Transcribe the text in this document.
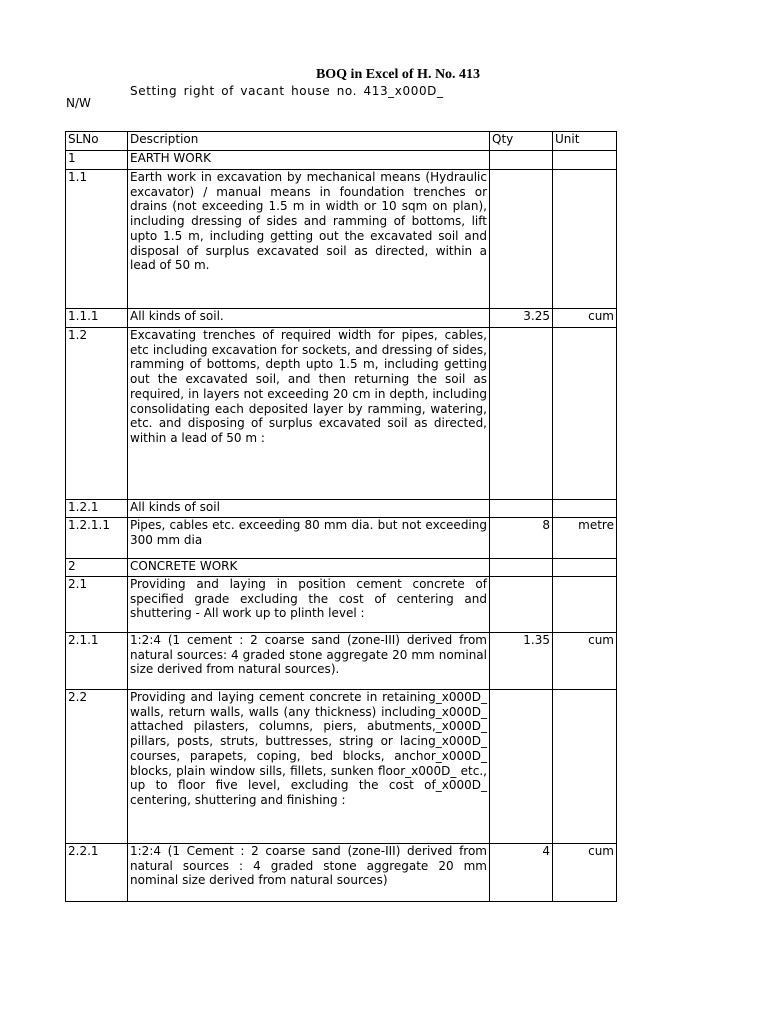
BOQ in Excel of H. No. 413
Setting right of vacant house no. 413_x000D_
N/W
SLNo	Description	Qty	Unit
1	EARTH WORK		
1.1	Earth work in excavation by mechanical means (Hydraulic excavator) / manual means in foundation trenches or drains (not exceeding 1.5 m in width or 10 sqm on plan), including dressing of sides and ramming of bottoms, lift upto 1.5 m, including getting out the excavated soil and disposal of surplus excavated soil as directed, within a lead of 50 m.		
1.1.1	All kinds of soil.	3.25	cum
1.2	Excavating trenches of required width for pipes, cables, etc including excavation for sockets, and dressing of sides, ramming of bottoms, depth upto 1.5 m, including getting out the excavated soil, and then returning the soil as required, in layers not exceeding 20 cm in depth, including consolidating each deposited layer by ramming, watering, etc. and disposing of surplus excavated soil as directed, within a lead of 50 m :		
1.2.1	All kinds of soil		
1.2.1.1	Pipes, cables etc. exceeding 80 mm dia. but not exceeding 300 mm dia	8	metre
2	CONCRETE WORK		
2.1	Providing and laying in position cement concrete of specified grade excluding the cost of centering and shuttering - All work up to plinth level :		
2.1.1	1:2:4 (1 cement : 2 coarse sand (zone-III) derived from natural sources: 4 graded stone aggregate 20 mm nominal size derived from natural sources).	1.35	cum
2.2	Providing and laying cement concrete in retaining_x000D_ walls, return walls, walls (any thickness) including_x000D_ attached pilasters, columns, piers, abutments,_x000D_ pillars, posts, struts, buttresses, string or lacing_x000D_ courses, parapets, coping, bed blocks, anchor_x000D_ blocks, plain window sills, fillets, sunken floor_x000D_ etc., up to floor five level, excluding the cost of_x000D_ centering, shuttering and finishing :		
2.2.1	1:2:4 (1 Cement : 2 coarse sand (zone-III) derived from natural sources : 4 graded stone aggregate 20 mm nominal size derived from natural sources)	4	cum
